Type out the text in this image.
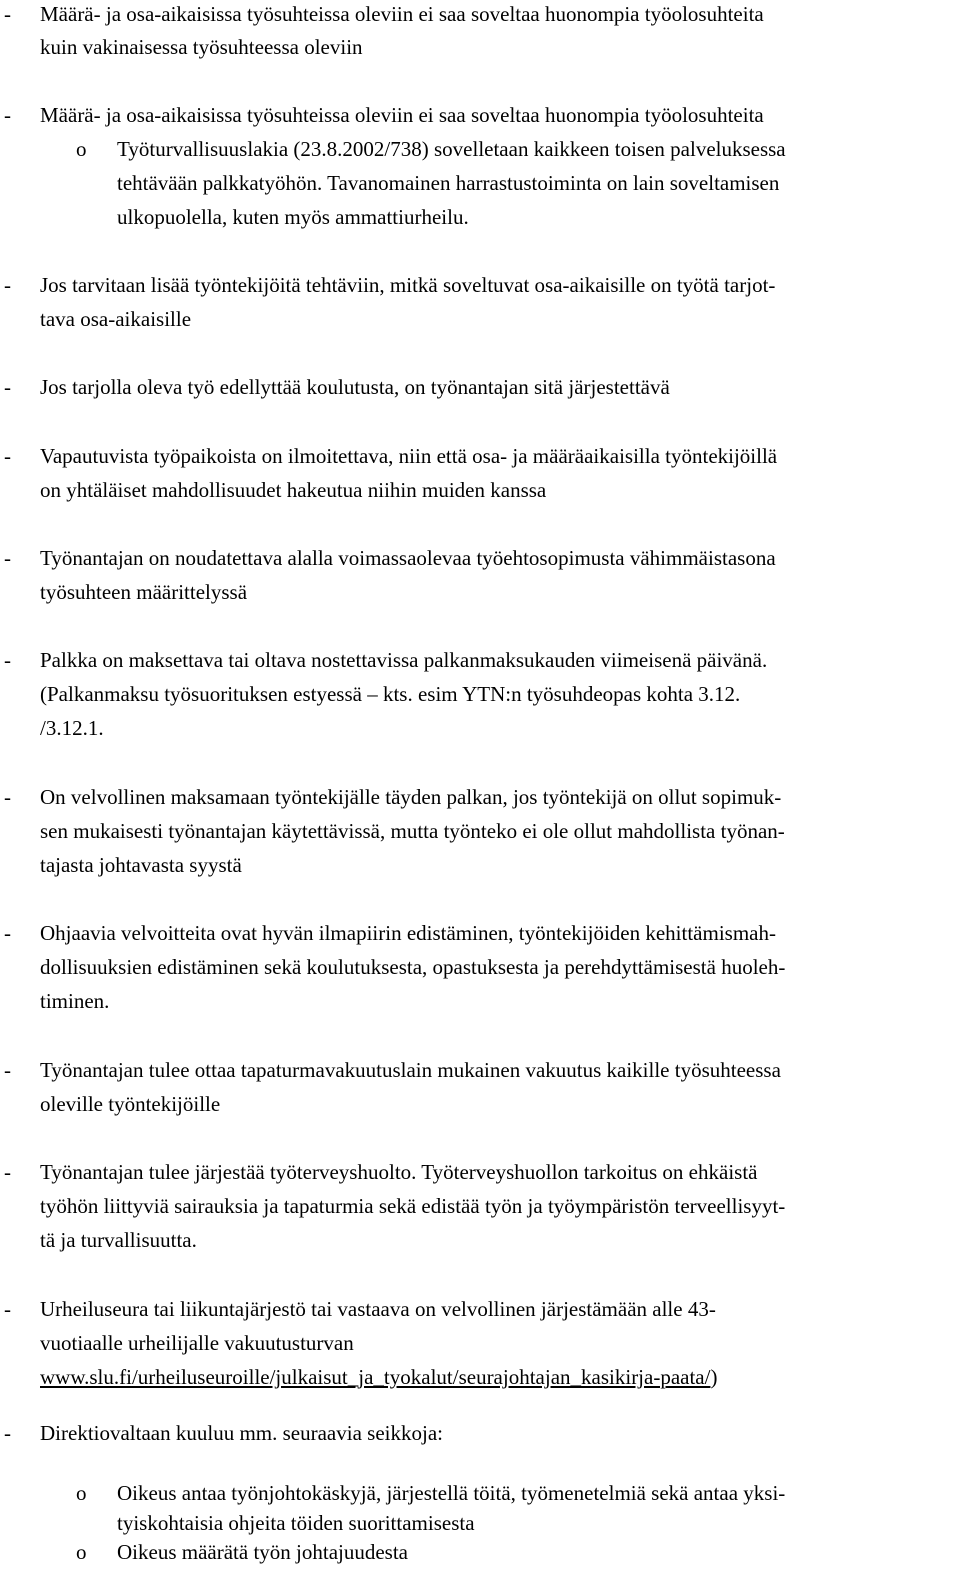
- Määrä- ja osa-aikaisissa työsuhteissa oleviin ei saa soveltaa huonompia työolosuhteita
kuin vakinaisessa työsuhteessa oleviin
- Määrä- ja osa-aikaisissa työsuhteissa oleviin ei saa soveltaa huonompia työolosuhteita
o Työturvallisuuslakia (23.8.2002/738) sovelletaan kaikkeen toisen palveluksessa
tehtävään palkkatyöhön. Tavanomainen harrastustoiminta on lain soveltamisen
ulkopuolella, kuten myös ammattiurheilu.
- Jos tarvitaan lisää työntekijöitä tehtäviin, mitkä soveltuvat osa-aikaisille on työtä tarjot-
tava osa-aikaisille
- Jos tarjolla oleva työ edellyttää koulutusta, on työnantajan sitä järjestettävä
- Vapautuvista työpaikoista on ilmoitettava, niin että osa- ja määräaikaisilla työntekijöillä
on yhtäläiset mahdollisuudet hakeutua niihin muiden kanssa
- Työnantajan on noudatettava alalla voimassaolevaa työehtosopimusta vähimmäistasona
työsuhteen määrittelyssä
- Palkka on maksettava tai oltava nostettavissa palkanmaksukauden viimeisenä päivänä.
(Palkanmaksu työsuorituksen estyessä – kts. esim YTN:n työsuhdeopas kohta 3.12.
/3.12.1.
- On velvollinen maksamaan työntekijälle täyden palkan, jos työntekijä on ollut sopimuk-
sen mukaisesti työnantajan käytettävissä, mutta työnteko ei ole ollut mahdollista työnan-
tajasta johtavasta syystä
- Ohjaavia velvoitteita ovat hyvän ilmapiirin edistäminen, työntekijöiden kehittämismah-
dollisuuksien edistäminen sekä koulutuksesta, opastuksesta ja perehdyttämisestä huoleh-
timinen.
- Työnantajan tulee ottaa tapaturmavakuutuslain mukainen vakuutus kaikille työsuhteessa
oleville työntekijöille
- Työnantajan tulee järjestää työterveyshuolto. Työterveyshuollon tarkoitus on ehkäistä
työhön liittyviä sairauksia ja tapaturmia sekä edistää työn ja työympäristön terveellisyyt-
tä ja turvallisuutta.
- Urheiluseura tai liikuntajärjestö tai vastaava on velvollinen järjestämään alle 43-
vuotiaalle urheilijalle vakuutusturvan
www.slu.fi/urheiluseuroille/julkaisut_ja_tyokalut/seurajohtajan_kasikirja-paata/)
- Direktiovaltaan kuuluu mm. seuraavia seikkoja:
o Oikeus antaa työnjohtokäskyjä, järjestellä töitä, työmenetelmiä sekä antaa yksi-
tyiskohtaisia ohjeita töiden suorittamisesta
o Oikeus määrätä työn johtajuudesta
